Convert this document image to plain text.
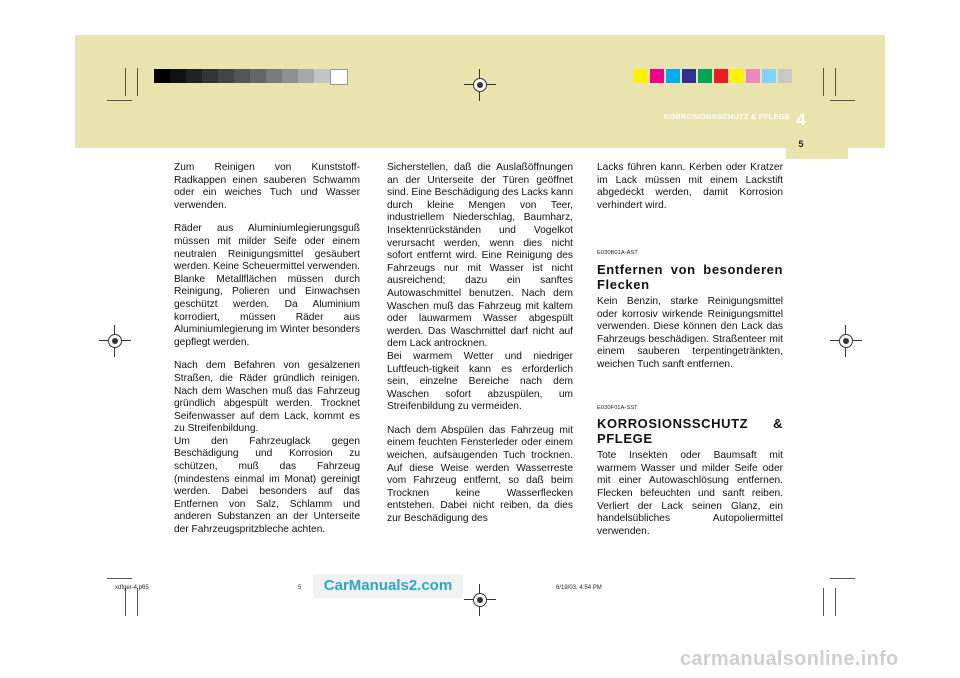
KORROSIONSSCHUTZ & PFLEGE 4
5

Zum Reinigen von Kunststoff-Radkappen einen sauberen Schwamm oder ein weiches Tuch und Wasser verwenden.

Räder aus Aluminiumlegierungsguß müssen mit milder Seife oder einem neutralen Reinigungsmittel gesäubert werden. Keine Scheuermittel verwenden. Blanke Metallflächen müssen durch Reinigung, Polieren und Einwachsen geschützt werden. Da Aluminium korrodiert, müssen Räder aus Aluminiumlegierung im Winter besonders gepflegt werden.

Nach dem Befahren von gesalzenen Straßen, die Räder gründlich reinigen. Nach dem Waschen muß das Fahrzeug gründlich abgespült werden. Trocknet Seifenwasser auf dem Lack, kommt es zu Streifenbildung.

Um den Fahrzeuglack gegen Beschädigung und Korrosion zu schützen, muß das Fahrzeug (mindestens einmal im Monat) gereinigt werden. Dabei besonders auf das Entfernen von Salz, Schlamm und anderen Substanzen an der Unterseite der Fahrzeugspritzbleche achten.

Sicherstellen, daß die Auslaßöffnungen an der Unterseite der Türen geöffnet sind. Eine Beschädigung des Lacks kann durch kleine Mengen von Teer, industriellem Niederschlag, Baumharz, Insektenrückständen und Vogelkot verursacht werden, wenn dies nicht sofort entfernt wird. Eine Reinigung des Fahrzeugs nur mit Wasser ist nicht ausreichend; dazu ein sanftes Autowaschmittel benutzen. Nach dem Waschen muß das Fahrzeug mit kaltem oder lauwarmem Wasser abgespült werden. Das Waschmittel darf nicht auf dem Lack antrocknen.

Bei warmem Wetter und niedriger Luftfeuch-tigkeit kann es erforderlich sein, einzelne Bereiche nach dem Waschen sofort abzuspülen, um Streifenbildung zu vermeiden.

Nach dem Abspülen das Fahrzeug mit einem feuchten Fensterleder oder einem weichen, aufsaugenden Tuch trocknen. Auf diese Weise werden Wasserreste vom Fahrzeug entfernt, so daß beim Trocknen keine Wasserflecken entstehen. Dabei nicht reiben, da dies zur Beschädigung des

Lacks führen kann. Kerben oder Kratzer im Lack müssen mit einem Lackstift abgedeckt werden, damit Korrosion verhindert wird.

E030B01A-AST
Entfernen von besonderen Flecken

Kein Benzin, starke Reinigungsmittel oder korrosiv wirkende Reinigungsmittel verwenden. Diese können den Lack das Fahrzeugs beschädigen. Straßenteer mit einem sauberen terpentingetränkten, weichen Tuch sanft entfernen.

E030F01A-SST
KORROSIONSSCHUTZ & PFLEGE

Tote Insekten oder Baumsaft mit warmem Wasser und milder Seife oder mit einer Autowaschlösung entfernen. Flecken befeuchten und sanft reiben. Verliert der Lack seinen Glanz, ein handelsübliches Autopoliermittel verwenden.

xdfger-4.p65	5	6/19/03, 4:54 PM
CarManuals2.com
carmanualsonline.info
